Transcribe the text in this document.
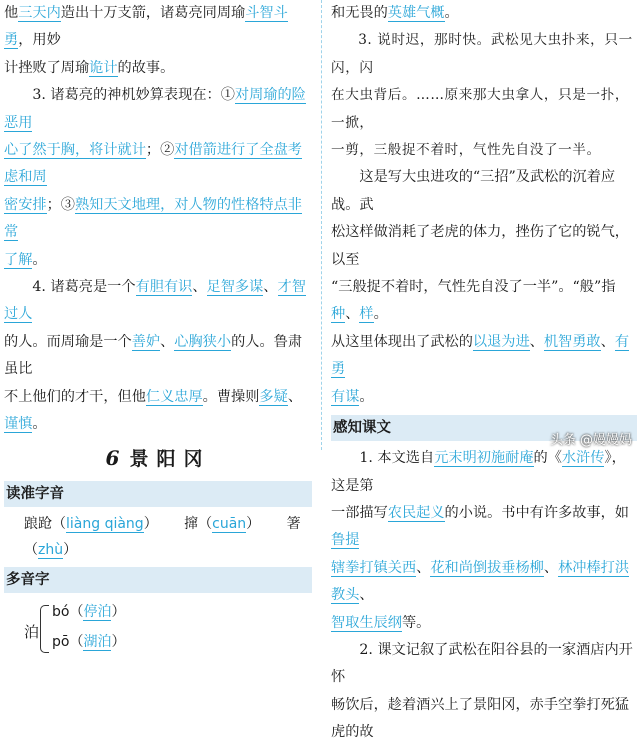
他三天内造出十万支箭，诸葛亮同周瑜斗智斗勇，用妙

计挫败了周瑜诡计的故事。

3. 诸葛亮的神机妙算表现在：①对周瑜的险恶用

心了然于胸，将计就计；②对借箭进行了全盘考虑和周

密安排；③熟知天文地理，对人物的性格特点非常

了解。

4. 诸葛亮是一个有胆有识、足智多谋、才智过人

的人。而周瑜是一个善妒、心胸狭小的人。鲁肃虽比

不上他们的才干，但他仁义忠厚。曹操则多疑、谨慎。

6 景阳冈
读准字音
踉跄（liàng qiàng） 撺（cuān） 箸（zhù）
多音字
泊
bó（停泊）
pō（湖泊）

和无畏的英雄气概。

3. 说时迟，那时快。武松见大虫扑来，只一闪，闪

在大虫背后。……原来那大虫拿人，只是一扑，一掀，

一剪，三般捉不着时，气性先自没了一半。

这是写大虫进攻的“三招”及武松的沉着应战。武

松这样做消耗了老虎的体力，挫伤了它的锐气，以至

“三般捉不着时，气性先自没了一半”。“般”指种、样。

从这里体现出了武松的以退为进、机智勇敢、有勇

有谋。

感知课文

1. 本文选自元末明初施耐庵的《水浒传》，这是第

一部描写农民起义的小说。书中有许多故事，如鲁提

辖拳打镇关西、花和尚倒拔垂杨柳、林冲棒打洪教头、

智取生辰纲等。

2. 课文记叙了武松在阳谷县的一家酒店内开怀

畅饮后，趁着酒兴上了景阳冈，赤手空拳打死猛虎的故

头条 @嫚嫚妈
